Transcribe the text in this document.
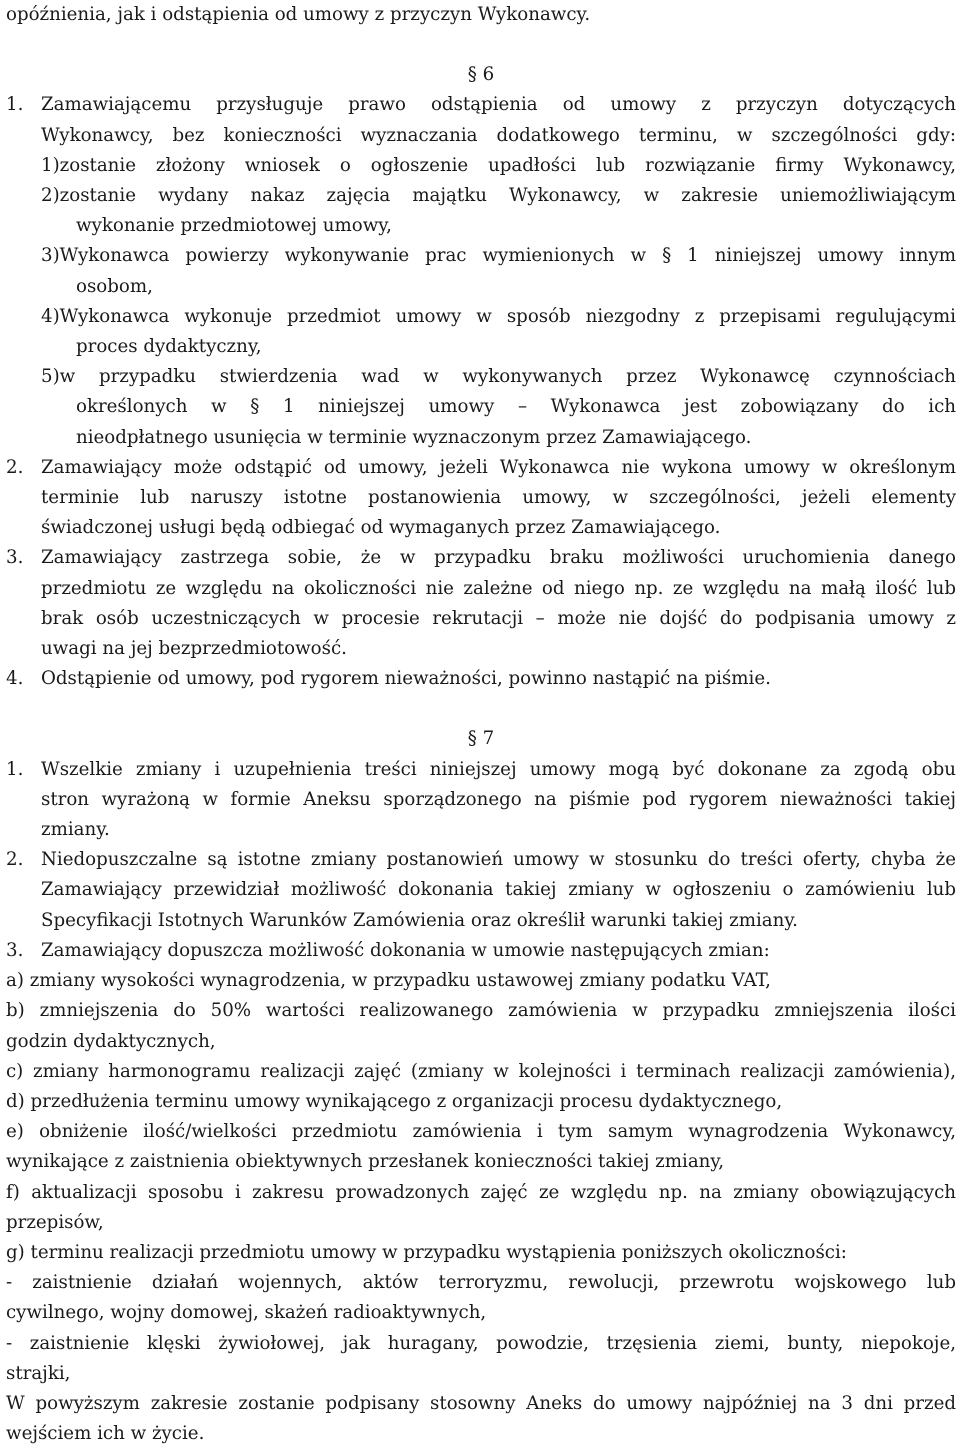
opóźnienia, jak i odstąpienia od umowy z przyczyn Wykonawcy.

§ 6

1. Zamawiającemu przysługuje prawo odstąpienia od umowy z przyczyn dotyczących

Wykonawcy, bez konieczności wyznaczania dodatkowego terminu, w szczególności gdy:

1)zostanie złożony wniosek o ogłoszenie upadłości lub rozwiązanie firmy Wykonawcy,

2)zostanie wydany nakaz zajęcia majątku Wykonawcy, w zakresie uniemożliwiającym

wykonanie przedmiotowej umowy,

3)Wykonawca powierzy wykonywanie prac wymienionych w § 1 niniejszej umowy innym

osobom,

4)Wykonawca wykonuje przedmiot umowy w sposób niezgodny z przepisami regulującymi

proces dydaktyczny,

5)w przypadku stwierdzenia wad w wykonywanych przez Wykonawcę czynnościach

określonych w § 1 niniejszej umowy – Wykonawca jest zobowiązany do ich

nieodpłatnego usunięcia w terminie wyznaczonym przez Zamawiającego.

2. Zamawiający może odstąpić od umowy, jeżeli Wykonawca nie wykona umowy w określonym

terminie lub naruszy istotne postanowienia umowy, w szczególności, jeżeli elementy

świadczonej usługi będą odbiegać od wymaganych przez Zamawiającego.

3. Zamawiający zastrzega sobie, że w przypadku braku możliwości uruchomienia danego

przedmiotu ze względu na okoliczności nie zależne od niego np. ze względu na małą ilość lub

brak osób uczestniczących w procesie rekrutacji – może nie dojść do podpisania umowy z

uwagi na jej bezprzedmiotowość.

4. Odstąpienie od umowy, pod rygorem nieważności, powinno nastąpić na piśmie.

§ 7

1. Wszelkie zmiany i uzupełnienia treści niniejszej umowy mogą być dokonane za zgodą obu

stron wyrażoną w formie Aneksu sporządzonego na piśmie pod rygorem nieważności takiej

zmiany.

2. Niedopuszczalne są istotne zmiany postanowień umowy w stosunku do treści oferty, chyba że

Zamawiający przewidział możliwość dokonania takiej zmiany w ogłoszeniu o zamówieniu lub

Specyfikacji Istotnych Warunków Zamówienia oraz określił warunki takiej zmiany.

3. Zamawiający dopuszcza możliwość dokonania w umowie następujących zmian:

a) zmiany wysokości wynagrodzenia, w przypadku ustawowej zmiany podatku VAT,

b) zmniejszenia do 50% wartości realizowanego zamówienia w przypadku zmniejszenia ilości

godzin dydaktycznych,

c) zmiany harmonogramu realizacji zajęć (zmiany w kolejności i terminach realizacji zamówienia),

d) przedłużenia terminu umowy wynikającego z organizacji procesu dydaktycznego,

e) obniżenie ilość/wielkości przedmiotu zamówienia i tym samym wynagrodzenia Wykonawcy,

wynikające z zaistnienia obiektywnych przesłanek konieczności takiej zmiany,

f) aktualizacji sposobu i zakresu prowadzonych zajęć ze względu np. na zmiany obowiązujących

przepisów,

g) terminu realizacji przedmiotu umowy w przypadku wystąpienia poniższych okoliczności:

- zaistnienie działań wojennych, aktów terroryzmu, rewolucji, przewrotu wojskowego lub

cywilnego, wojny domowej, skażeń radioaktywnych,

- zaistnienie klęski żywiołowej, jak huragany, powodzie, trzęsienia ziemi, bunty, niepokoje,

strajki,

W powyższym zakresie zostanie podpisany stosowny Aneks do umowy najpóźniej na 3 dni przed

wejściem ich w życie.
